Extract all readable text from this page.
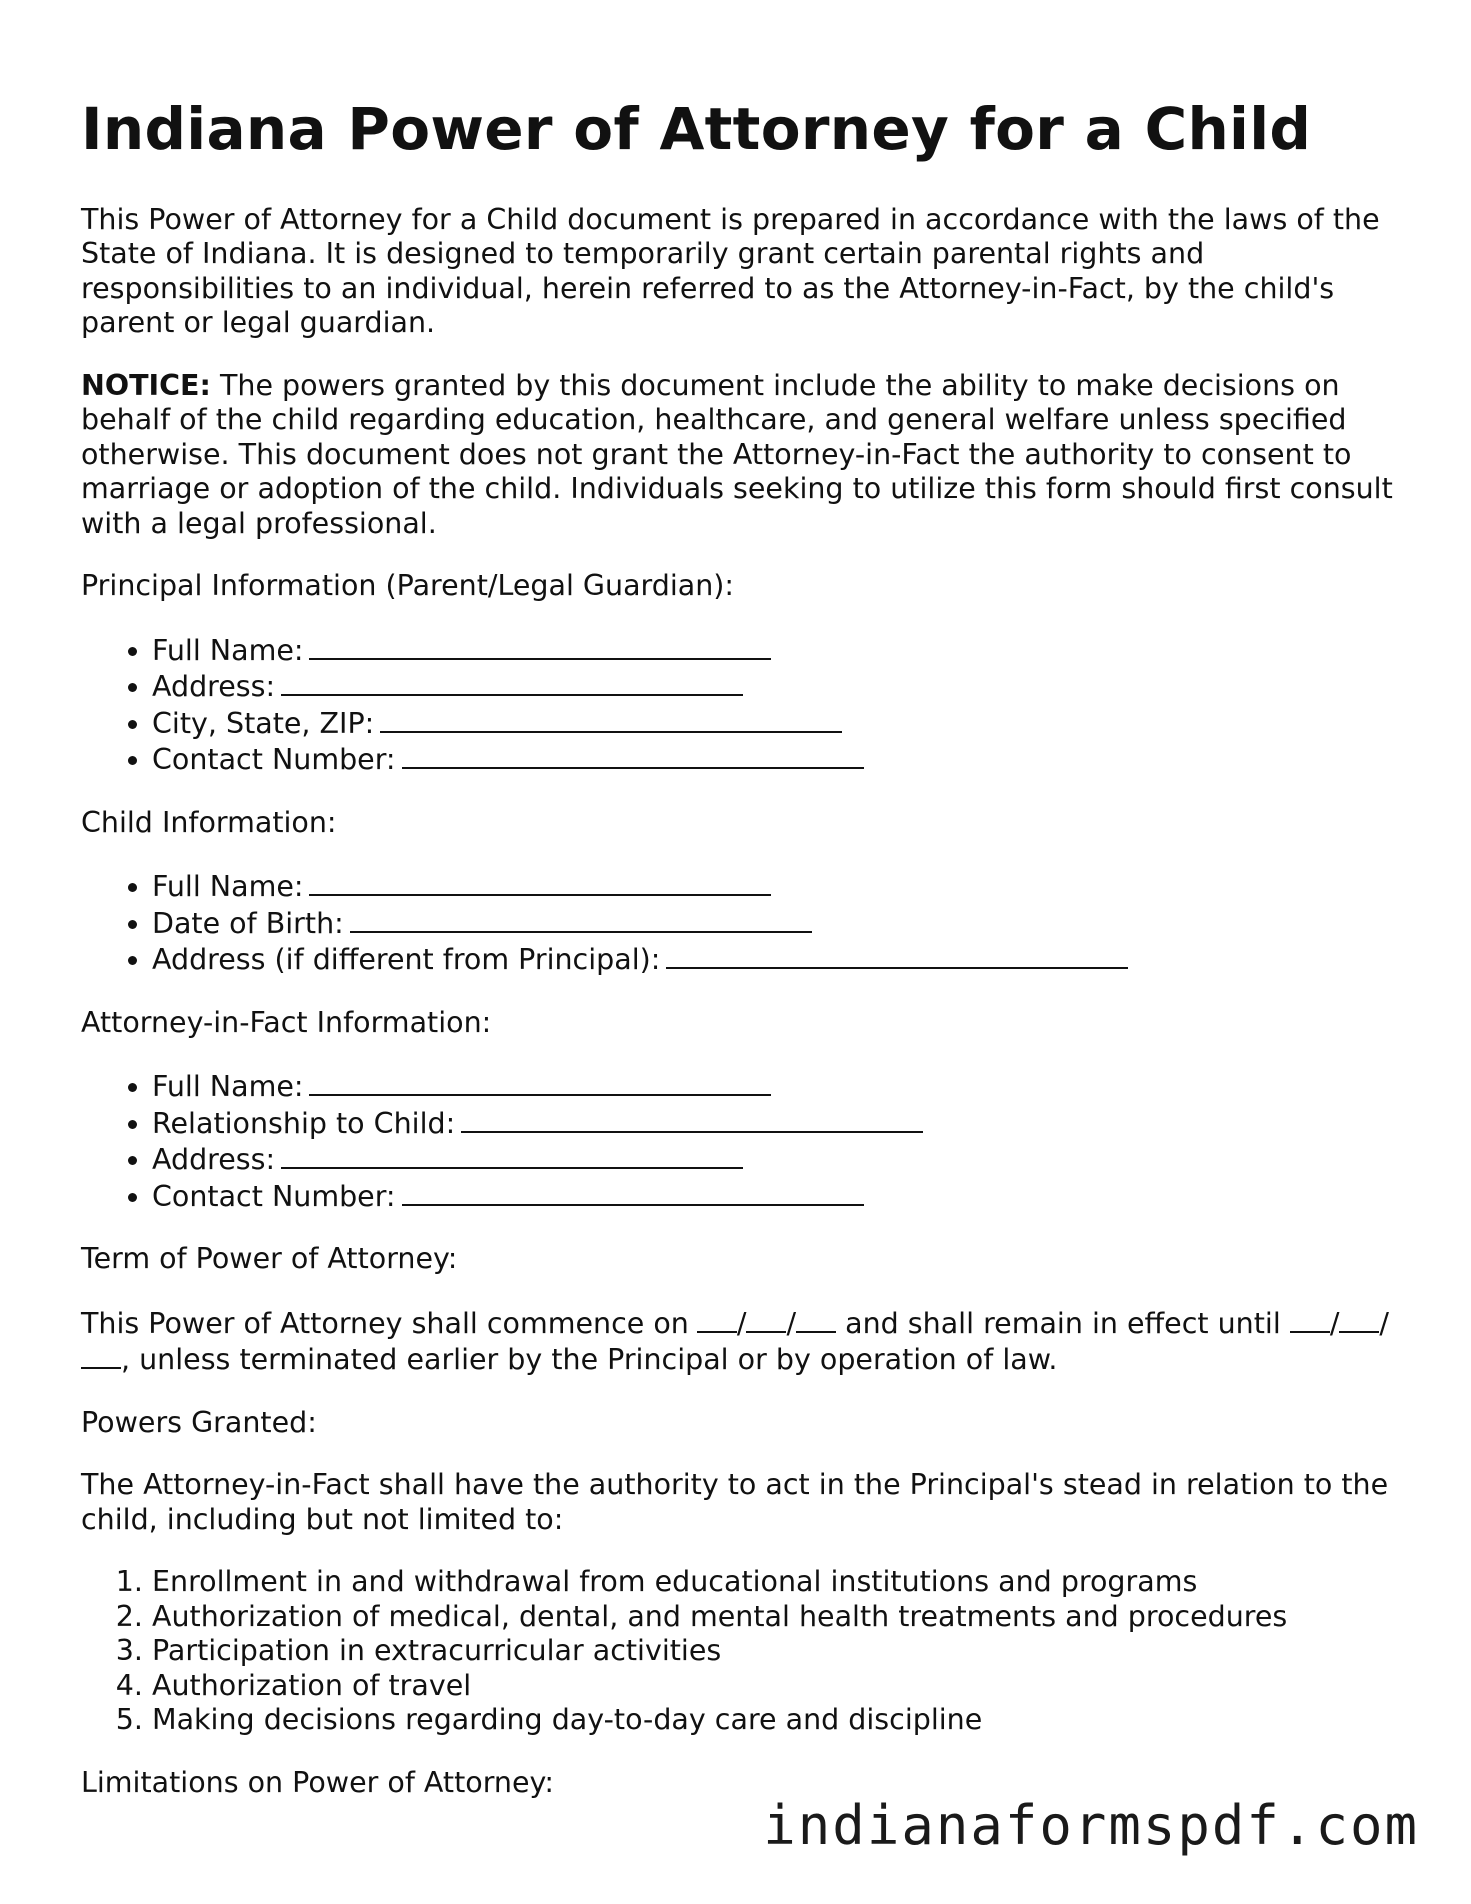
Indiana Power of Attorney for a Child

This Power of Attorney for a Child document is prepared in accordance with the laws of the State of Indiana. It is designed to temporarily grant certain parental rights and responsibilities to an individual, herein referred to as the Attorney-in-Fact, by the child's parent or legal guardian.

NOTICE: The powers granted by this document include the ability to make decisions on behalf of the child regarding education, healthcare, and general welfare unless specified otherwise. This document does not grant the Attorney-in-Fact the authority to consent to marriage or adoption of the child. Individuals seeking to utilize this form should first consult with a legal professional.

Principal Information (Parent/Legal Guardian):

• Full Name:
• Address:
• City, State, ZIP:
• Contact Number:

Child Information:

• Full Name:
• Date of Birth:
• Address (if different from Principal):

Attorney-in-Fact Information:

• Full Name:
• Relationship to Child:
• Address:
• Contact Number:

Term of Power of Attorney:

This Power of Attorney shall commence on / / and shall remain in effect until / /, unless terminated earlier by the Principal or by operation of law.

Powers Granted:

The Attorney-in-Fact shall have the authority to act in the Principal's stead in relation to the child, including but not limited to:

1. Enrollment in and withdrawal from educational institutions and programs
2. Authorization of medical, dental, and mental health treatments and procedures
3. Participation in extracurricular activities
4. Authorization of travel
5. Making decisions regarding day-to-day care and discipline

Limitations on Power of Attorney:

indianaformspdf.com
